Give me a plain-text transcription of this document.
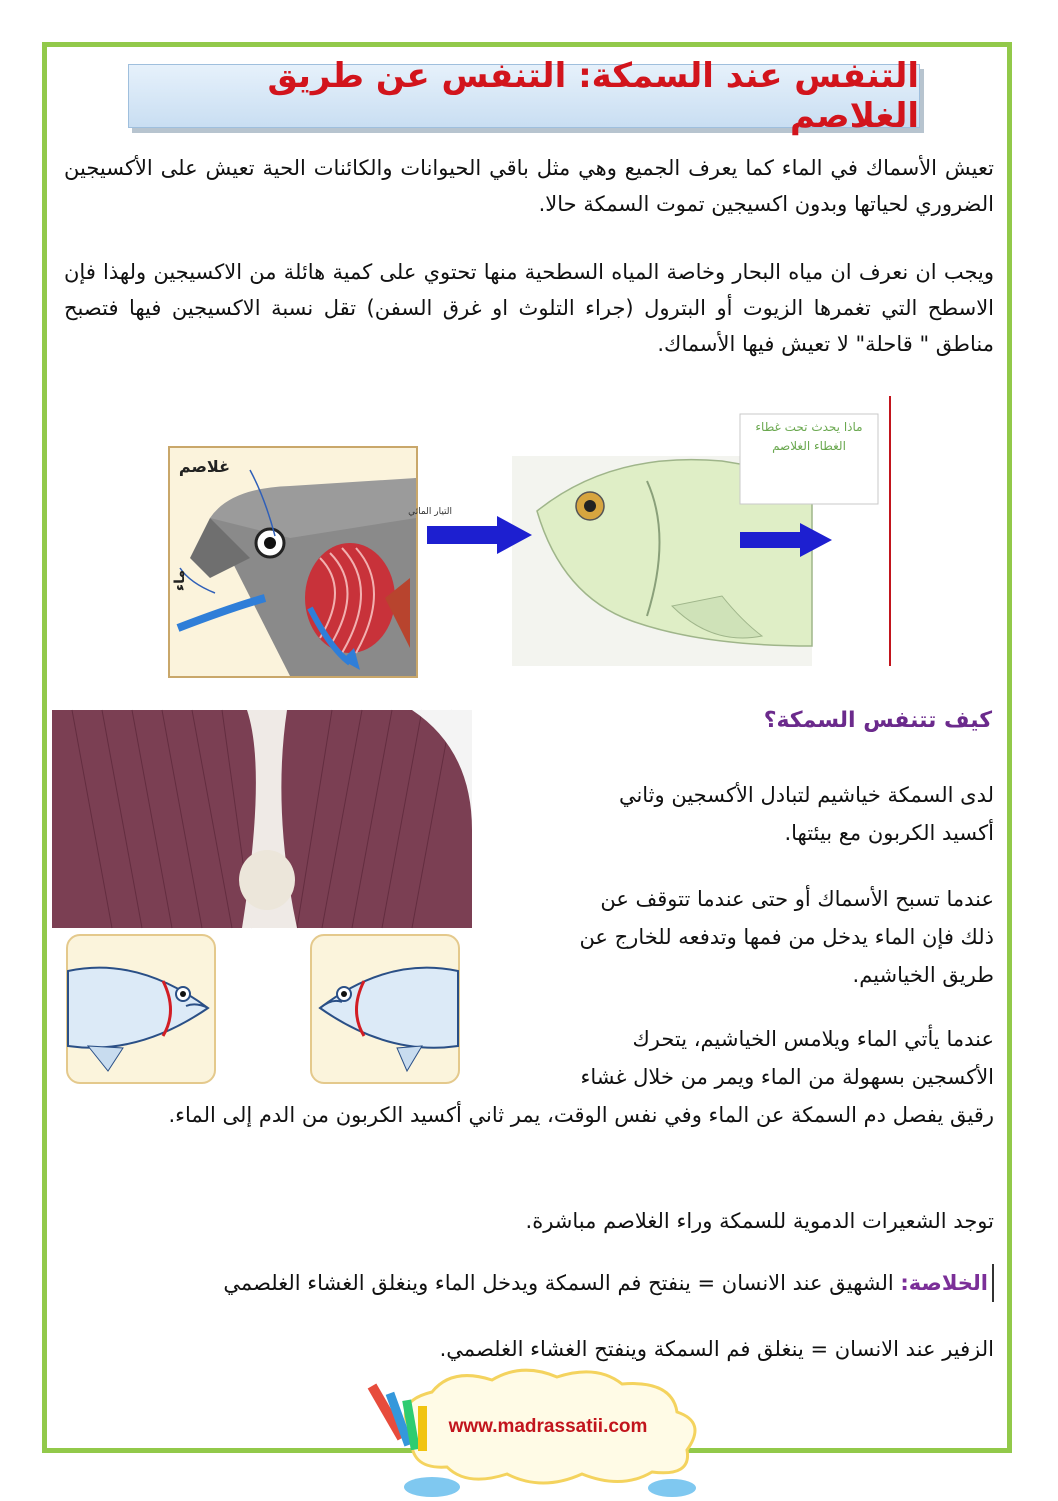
التنفس عند السمكة: التنفس عن طريق الغلاصم

تعيش الأسماك في الماء كما يعرف الجميع وهي مثل باقي الحيوانات والكائنات الحية تعيش على الأكسيجين الضروري لحياتها وبدون اكسيجين تموت السمكة حالا.

ويجب ان نعرف ان مياه البحار وخاصة المياه السطحية منها تحتوي على كمية هائلة من الاكسيجين ولهذا فإن الاسطح التي تغمرها الزيوت أو البترول (جراء التلوث او غرق السفن) تقل نسبة الاكسيجين فيها فتصبح مناطق " قاحلة" لا تعيش فيها الأسماك.

غلاصم
ماء
التيار المائي
ماذا يحدث تحت غطاء الغطاء الغلاصم
كيف تتنفس السمكة؟

لدى السمكة خياشيم لتبادل الأكسجين وثاني أكسيد الكربون مع بيئتها.

عندما تسبح الأسماك أو حتى عندما تتوقف عن ذلك فإن الماء يدخل من فمها وتدفعه للخارج عن طريق الخياشيم.

عندما يأتي الماء ويلامس الخياشيم، يتحرك الأكسجين بسهولة من الماء ويمر من خلال غشاء

رقيق يفصل دم السمكة عن الماء وفي نفس الوقت، يمر ثاني أكسيد الكربون من الدم إلى الماء.

توجد الشعيرات الدموية للسمكة وراء الغلاصم مباشرة.

الخلاصة: الشهيق عند الانسان = ينفتح فم السمكة ويدخل الماء وينغلق الغشاء الغلصمي

الزفير عند الانسان = ينغلق فم السمكة وينفتح الغشاء الغلصمي.

www.madrassatii.com
